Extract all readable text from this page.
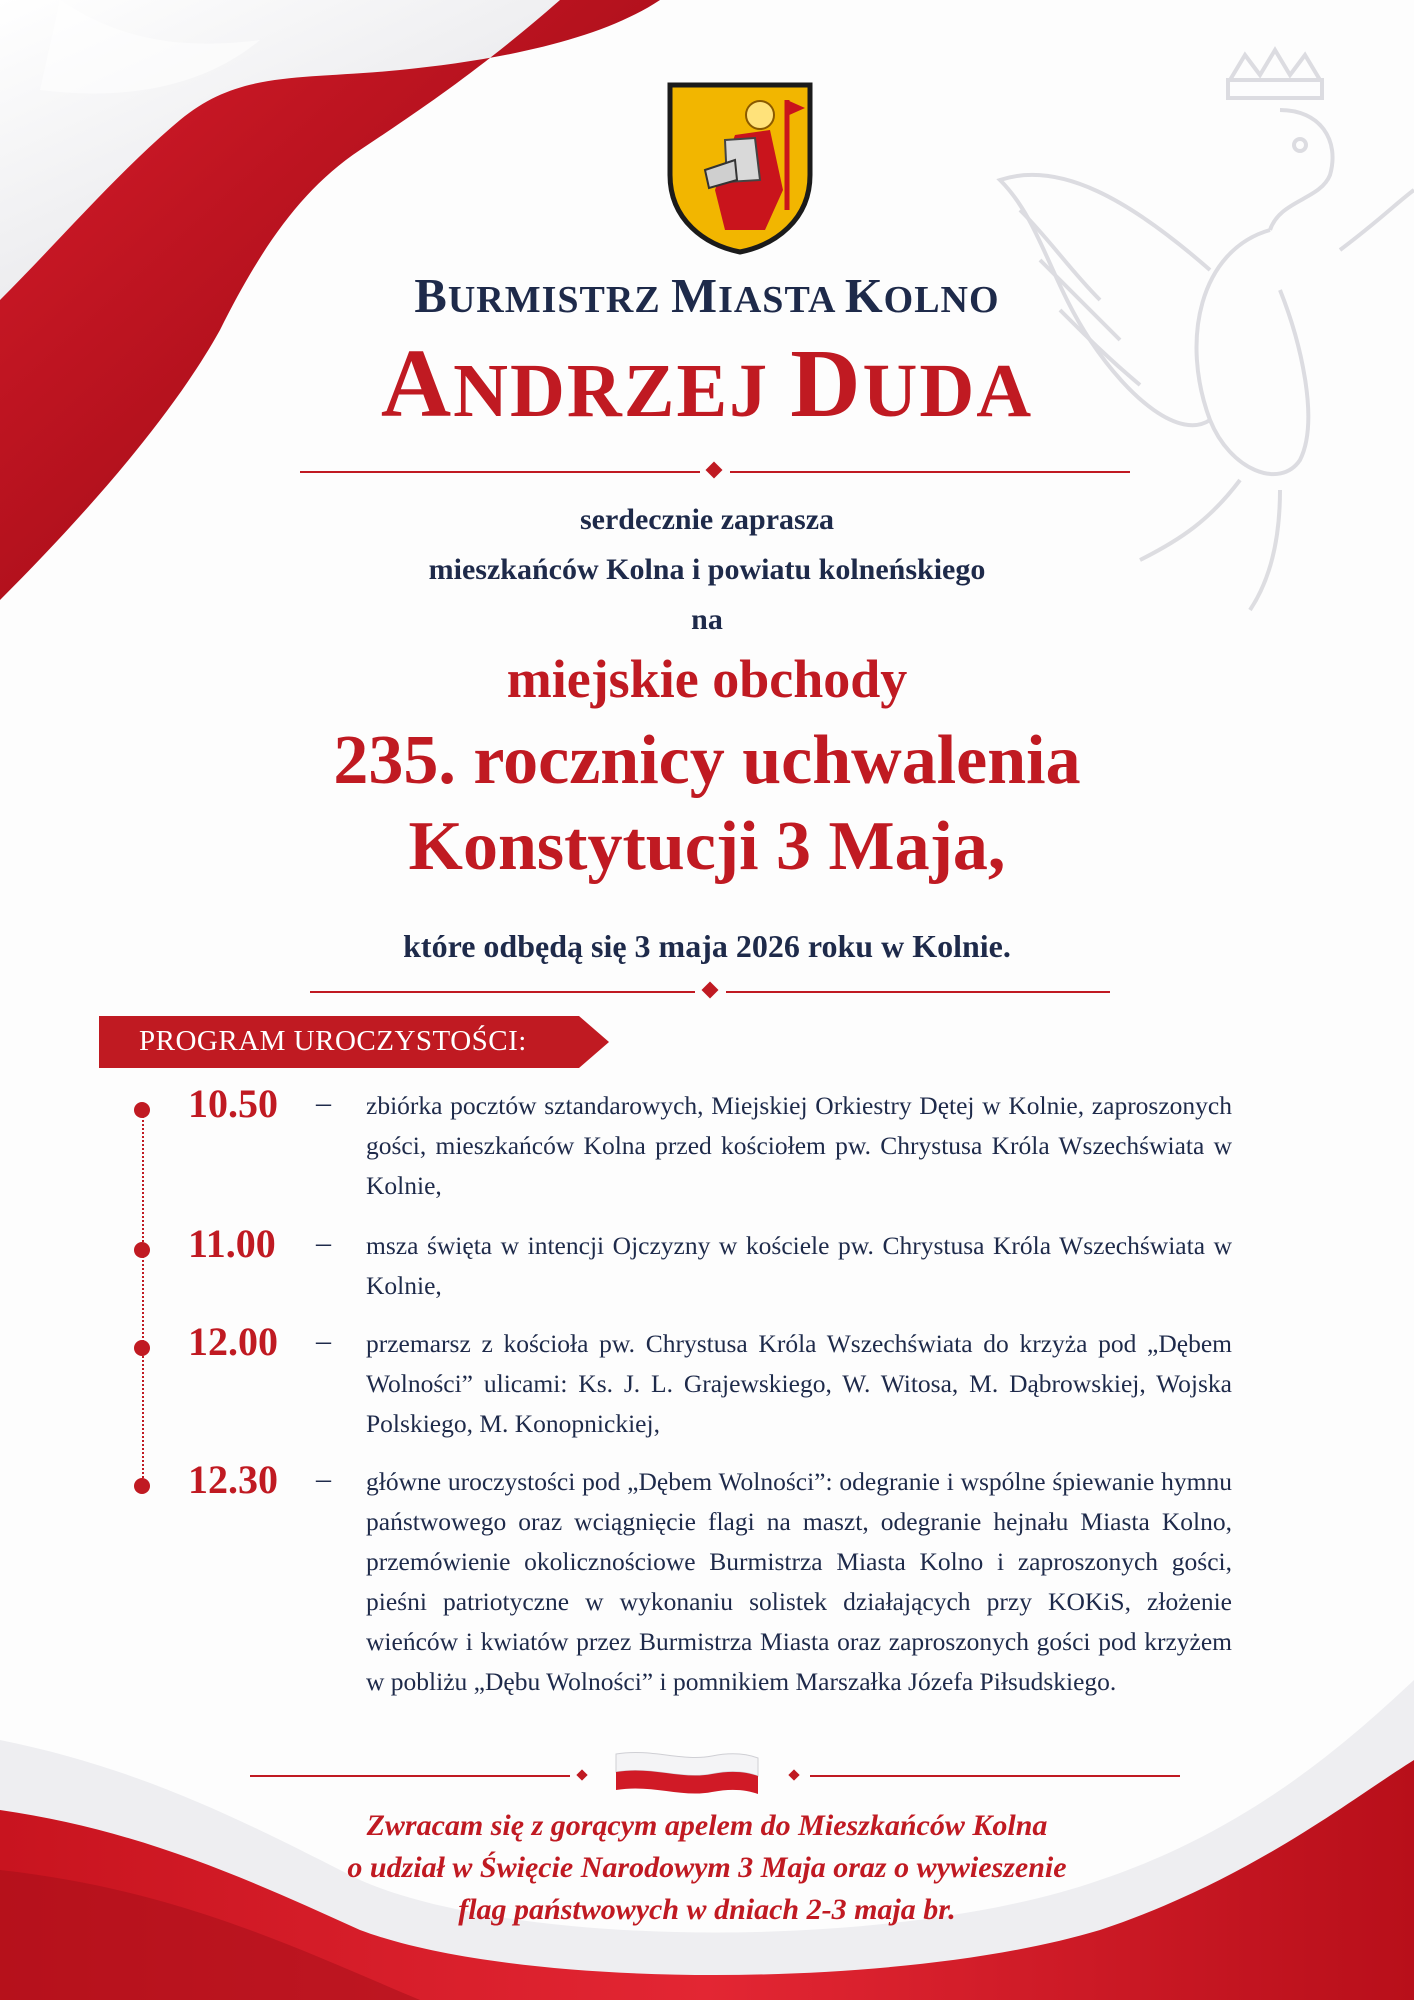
BURMISTRZ MIASTA KOLNO
ANDRZEJ DUDA
serdecznie zaprasza
mieszkańców Kolna i powiatu kolneńskiego
na
miejskie obchody
235. rocznicy uchwalenia
Konstytucji 3 Maja,
które odbędą się 3 maja 2026 roku w Kolnie.
PROGRAM UROCZYSTOŚCI:
10.50 – zbiórka pocztów sztandarowych, Miejskiej Orkiestry Dętej w Kolnie, zaproszonych gości, mieszkańców Kolna przed kościołem pw. Chrystusa Króla Wszechświata w Kolnie,
11.00 – msza święta w intencji Ojczyzny w kościele pw. Chrystusa Króla Wszechświata w Kolnie,
12.00 – przemarsz z kościoła pw. Chrystusa Króla Wszechświata do krzyża pod „Dębem Wolności” ulicami: Ks. J. L. Grajewskiego, W. Witosa, M. Dąbrowskiej, Wojska Polskiego, M. Konopnickiej,
12.30 – główne uroczystości pod „Dębem Wolności”: odegranie i wspólne śpiewanie hymnu państwowego oraz wciągnięcie flagi na maszt, odegranie hejnału Miasta Kolno, przemówienie okolicznościowe Burmistrza Miasta Kolno i zaproszonych gości, pieśni patriotyczne w wykonaniu solistek działających przy KOKiS, złożenie wieńców i kwiatów przez Burmistrza Miasta oraz zaproszonych gości pod krzyżem w pobliżu „Dębu Wolności” i pomnikiem Marszałka Józefa Piłsudskiego.
Zwracam się z gorącym apelem do Mieszkańców Kolna
o udział w Święcie Narodowym 3 Maja oraz o wywieszenie
flag państwowych w dniach 2-3 maja br.
